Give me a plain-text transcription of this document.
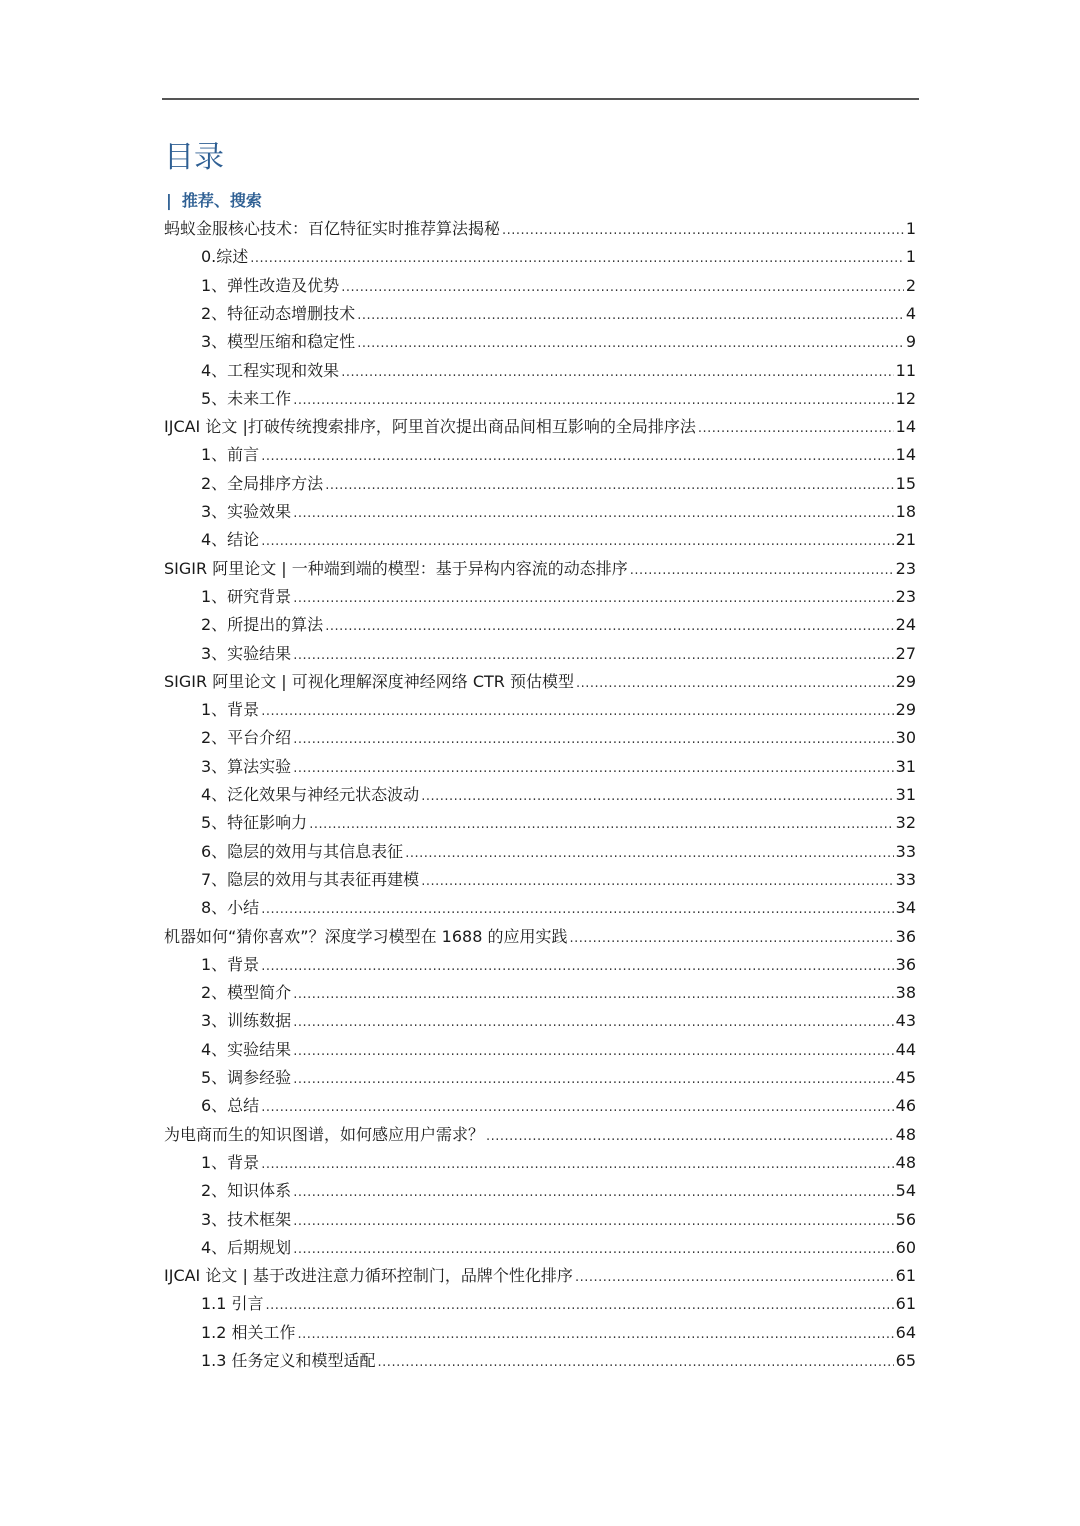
目录
| 推荐、搜索
蚂蚁金服核心技术：百亿特征实时推荐算法揭秘 .....	1
0.综述 .....	1
1、弹性改造及优势 .....	2
2、特征动态增删技术 .....	4
3、模型压缩和稳定性 .....	9
4、工程实现和效果 .....	11
5、未来工作 .....	12
IJCAI 论文 |打破传统搜索排序，阿里首次提出商品间相互影响的全局排序法 .....	14
1、前言 .....	14
2、全局排序方法 .....	15
3、实验效果 .....	18
4、结论 .....	21
SIGIR 阿里论文 | 一种端到端的模型：基于异构内容流的动态排序 .....	23
1、研究背景 .....	23
2、所提出的算法 .....	24
3、实验结果 .....	27
SIGIR 阿里论文 | 可视化理解深度神经网络 CTR 预估模型 .....	29
1、背景 .....	29
2、平台介绍 .....	30
3、算法实验 .....	31
4、泛化效果与神经元状态波动 .....	31
5、特征影响力 .....	32
6、隐层的效用与其信息表征 .....	33
7、隐层的效用与其表征再建模 .....	33
8、小结 .....	34
机器如何“猜你喜欢”？深度学习模型在 1688 的应用实践 .....	36
1、背景 .....	36
2、模型简介 .....	38
3、训练数据 .....	43
4、实验结果 .....	44
5、调参经验 .....	45
6、总结 .....	46
为电商而生的知识图谱，如何感应用户需求？ .....	48
1、背景 .....	48
2、知识体系 .....	54
3、技术框架 .....	56
4、后期规划 .....	60
IJCAI 论文 | 基于改进注意力循环控制门，品牌个性化排序 .....	61
1.1 引言 .....	61
1.2 相关工作 .....	64
1.3 任务定义和模型适配 .....	65
